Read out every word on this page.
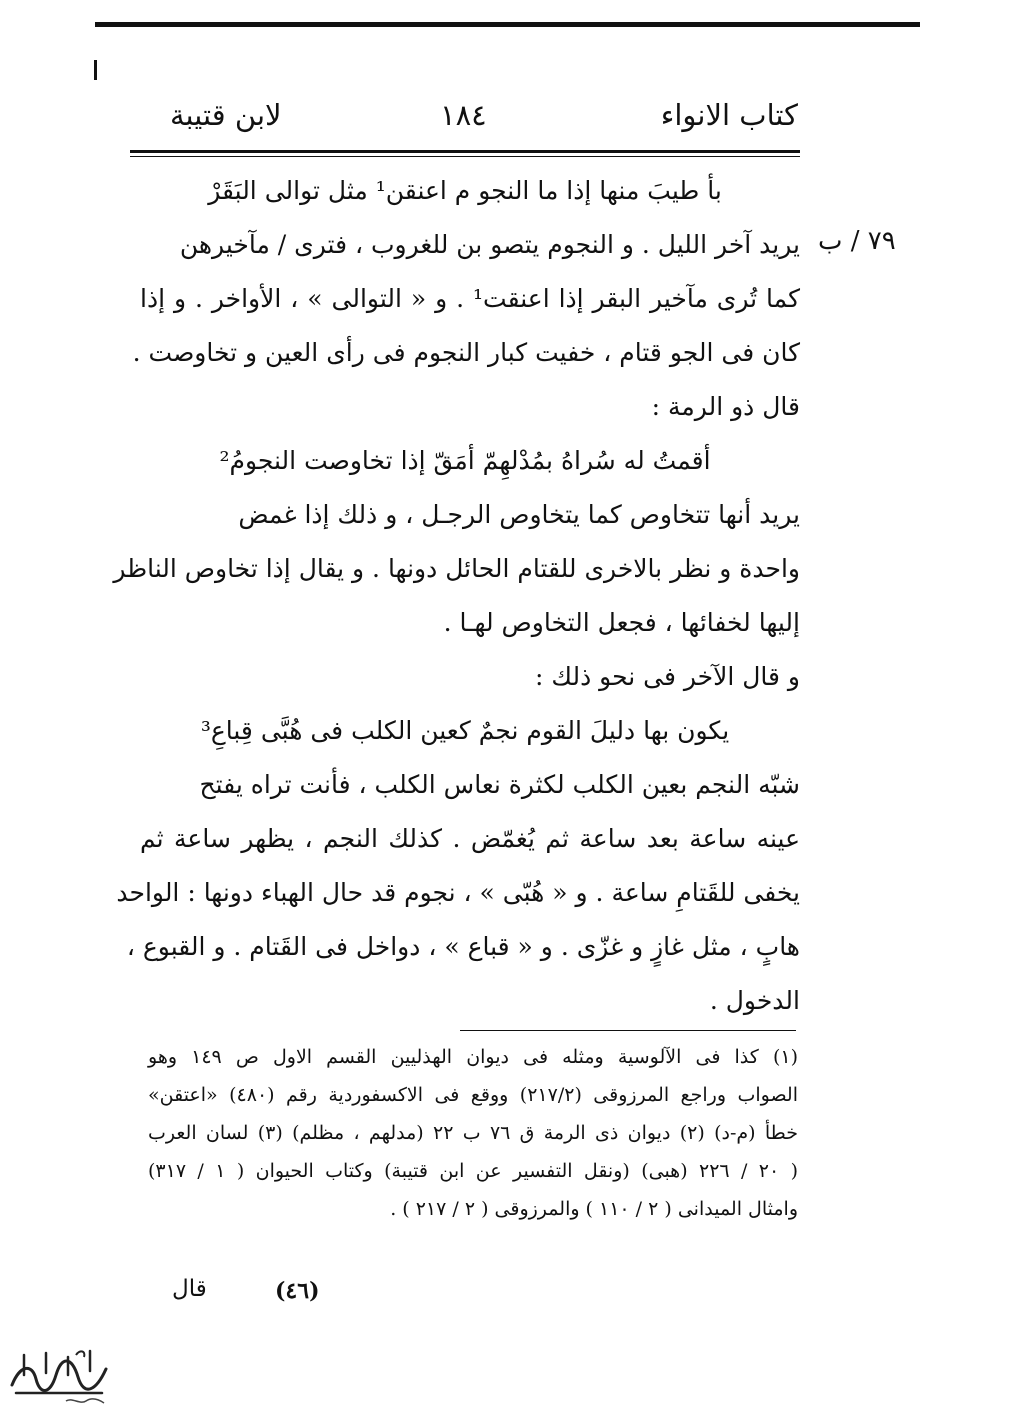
كتاب الانواء
١٨٤
لابن قتيبة
٧٩ / ب
بأ طيبَ منها إذا ما النجو م اعنقن¹ مثل توالى البَقَرْ
يريد آخر الليل . و النجوم يتصو بن للغروب ، فترى / مآخيرهن
كما تُرى مآخير البقر إذا اعنقت¹ . و « التوالى » ، الأواخر . و إذا
كان فى الجو قتام ، خفيت كبار النجوم فى رأى العين و تخاوصت .
قال ذو الرمة :
أقمتُ له سُراهُ بمُدْلهِمّ أمَقّ إذا تخاوصت النجومُ²
يريد أنها تتخاوص كما يتخاوص الرجـل ، و ذلك إذا غمض
واحدة و نظر بالاخرى للقتام الحائل دونها . و يقال إذا تخاوص الناظر
إليها لخفائها ، فجعل التخاوص لهـا .
و قال الآخر فى نحو ذلك :
يكون بها دليلَ القوم نجمٌ كعين الكلب فى هُبَّى قِباعِ³
شبّه النجم بعين الكلب لكثرة نعاس الكلب ، فأنت تراه يفتح
عينه ساعة بعد ساعة ثم يُغمّض . كذلك النجم ، يظهر ساعة ثم
يخفى للقَتامِ ساعة . و « هُبّى » ، نجوم قد حال الهباء دونها : الواحد
هابٍ ، مثل غازٍ و غزّى . و « قباع » ، دواخل فى القَتام . و القبوع ،
الدخول .
(١) كذا فى الآلوسية ومثله فى ديوان الهذليين القسم الاول ص ١٤٩ وهو
الصواب وراجع المرزوقى (٢١٧/٢) ووقع فى الاكسفوردية رقم (٤٨٠) «اعتقن»
خطأ (م-د) (٢) ديوان ذى الرمة ق ٧٦ ب ٢٢ (مدلهم ، مظلم) (٣) لسان العرب
( ٢٠ / ٢٢٦ (هبى) (ونقل التفسير عن ابن قتيبة) وكتاب الحيوان ( ١ / ٣١٧)
وامثال الميدانى ( ٢ / ١١٠ ) والمرزوقى ( ٢ / ٢١٧ ) .
(٤٦)
قال
